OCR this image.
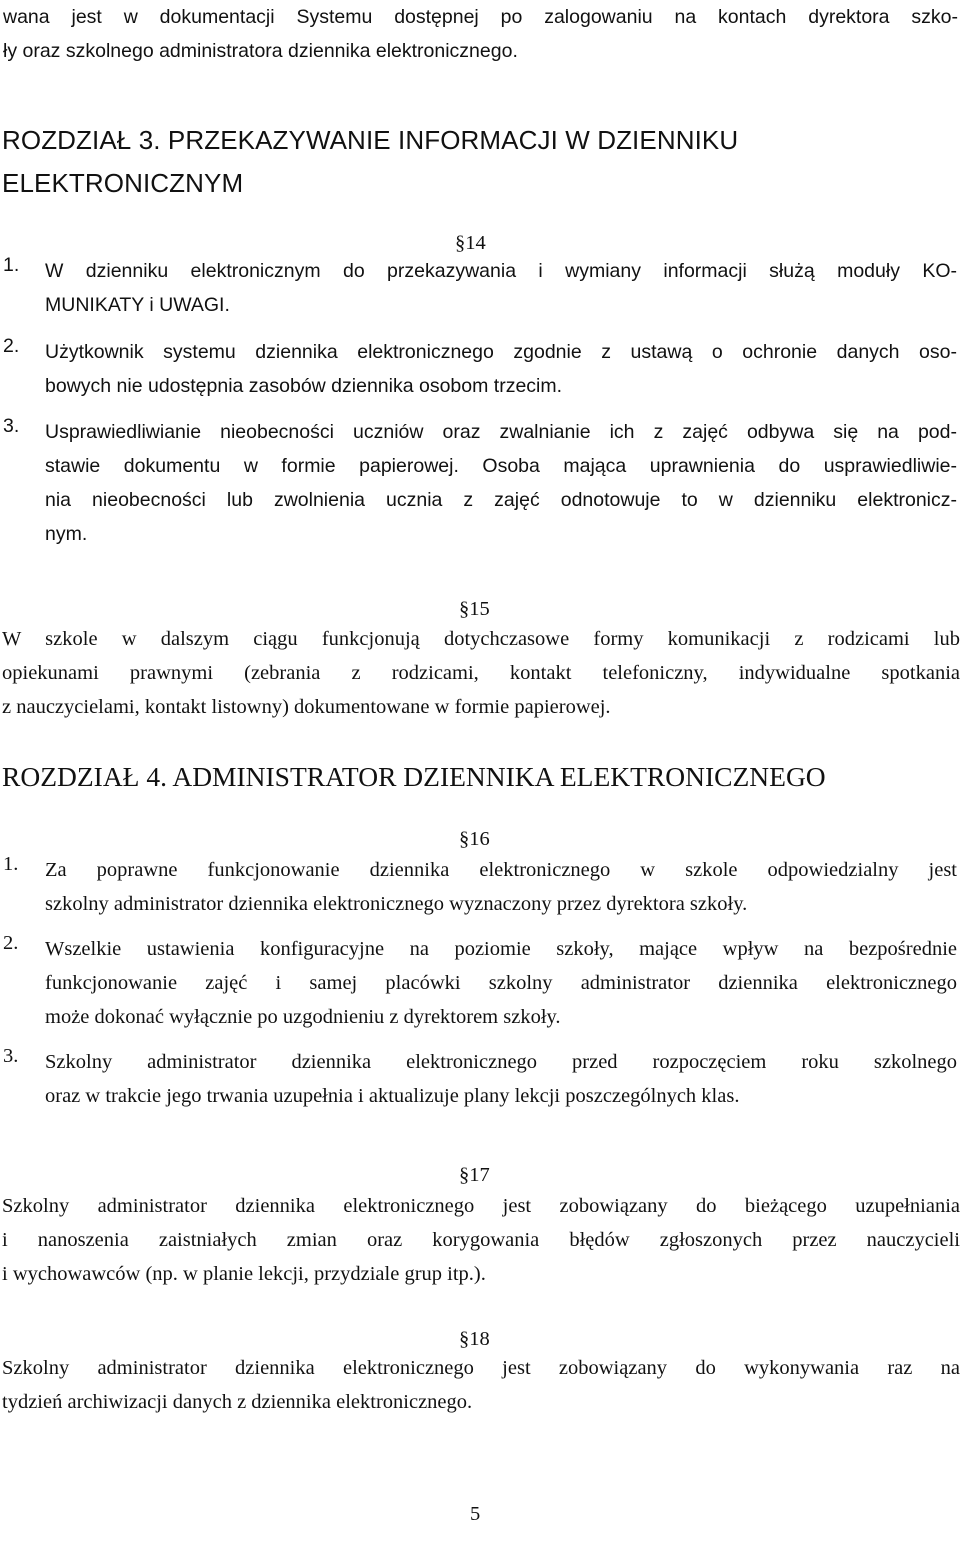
wana jest w dokumentacji Systemu dostępnej po zalogowaniu na kontach dyrektora szko-
ły oraz szkolnego administratora dziennika elektronicznego.
ROZDZIAŁ 3. PRZEKAZYWANIE INFORMACJI W DZIENNIKU
ELEKTRONICZNYM
§14
1. W dzienniku elektronicznym do przekazywania i wymiany informacji służą moduły KO-
MUNIKATY i UWAGI.
2. Użytkownik systemu dziennika elektronicznego zgodnie z ustawą o ochronie danych oso-
bowych nie udostępnia zasobów dziennika osobom trzecim.
3. Usprawiedliwianie nieobecności uczniów oraz zwalnianie ich z zajęć odbywa się na pod-
stawie dokumentu w formie papierowej. Osoba mająca uprawnienia do usprawiedliwie-
nia nieobecności lub zwolnienia ucznia z zajęć odnotowuje to w dzienniku elektronicz-
nym.
§15
W szkole w dalszym ciągu funkcjonują dotychczasowe formy komunikacji z rodzicami lub
opiekunami prawnymi (zebrania z rodzicami, kontakt telefoniczny, indywidualne spotkania
z nauczycielami, kontakt listowny) dokumentowane w formie papierowej.
ROZDZIAŁ 4. ADMINISTRATOR DZIENNIKA ELEKTRONICZNEGO
§16
1. Za poprawne funkcjonowanie dziennika elektronicznego w szkole odpowiedzialny jest
szkolny administrator dziennika elektronicznego wyznaczony przez dyrektora szkoły.
2. Wszelkie ustawienia konfiguracyjne na poziomie szkoły, mające wpływ na bezpośrednie
funkcjonowanie zajęć i samej placówki szkolny administrator dziennika elektronicznego
może dokonać wyłącznie po uzgodnieniu z dyrektorem szkoły.
3. Szkolny administrator dziennika elektronicznego przed rozpoczęciem roku szkolnego
oraz w trakcie jego trwania uzupełnia i aktualizuje plany lekcji poszczególnych klas.
§17
Szkolny administrator dziennika elektronicznego jest zobowiązany do bieżącego uzupełniania
i nanoszenia zaistniałych zmian oraz korygowania błędów zgłoszonych przez nauczycieli
i wychowawców (np. w planie lekcji, przydziale grup itp.).
§18
Szkolny administrator dziennika elektronicznego jest zobowiązany do wykonywania raz na
tydzień archiwizacji danych z dziennika elektronicznego.
5
